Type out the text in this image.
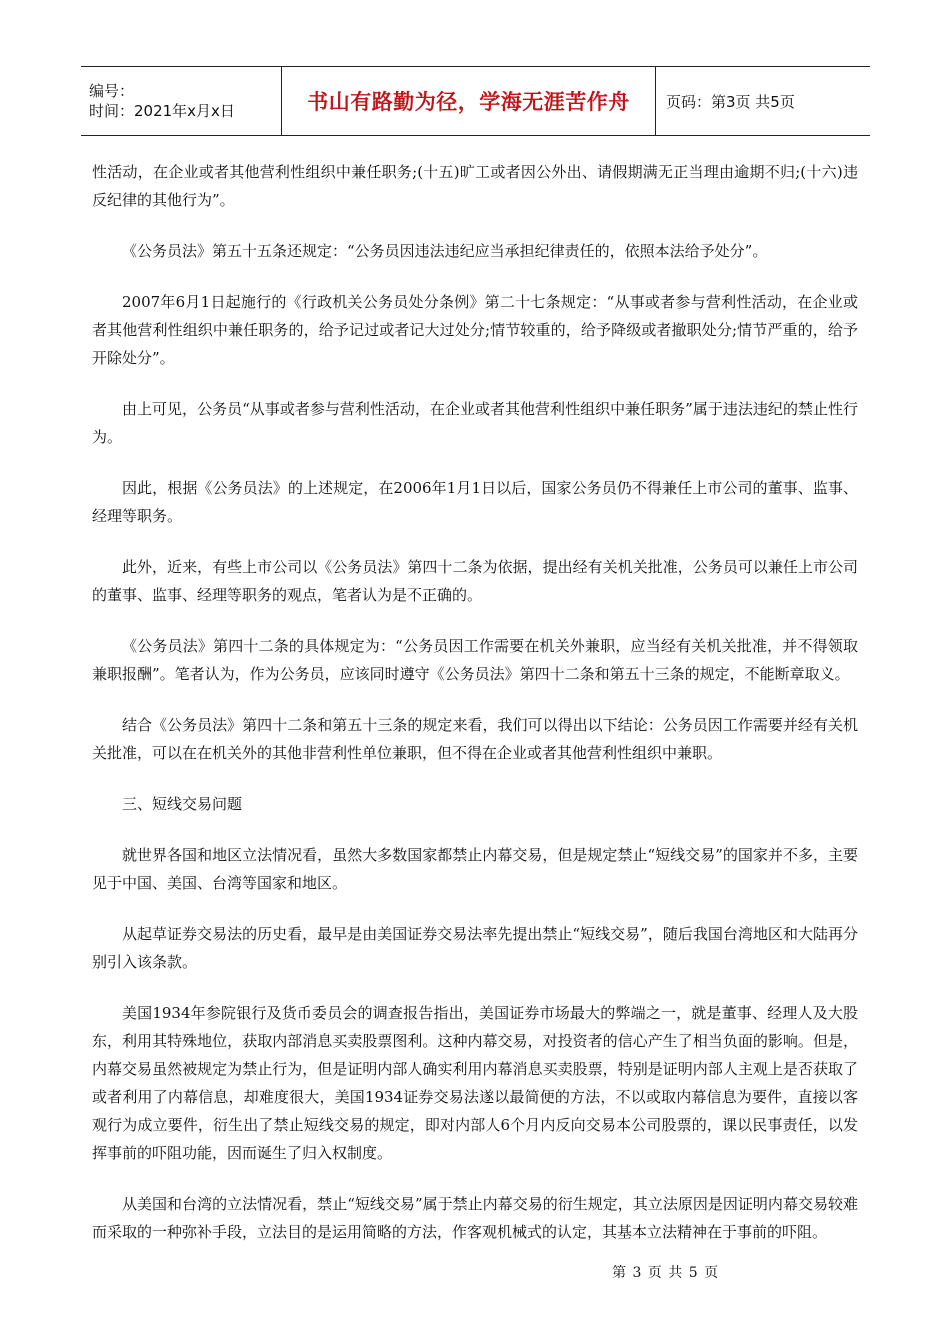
编号：
时间：2021年x月x日	书山有路勤为径，学海无涯苦作舟	页码：第3页 共5页

性活动，在企业或者其他营利性组织中兼任职务;(十五)旷工或者因公外出、请假期满无正当理由逾期不归;(十六)违反纪律的其他行为”。

《公务员法》第五十五条还规定：“公务员因违法违纪应当承担纪律责任的，依照本法给予处分”。

2007年6月1日起施行的《行政机关公务员处分条例》第二十七条规定：“从事或者参与营利性活动，在企业或者其他营利性组织中兼任职务的，给予记过或者记大过处分;情节较重的，给予降级或者撤职处分;情节严重的，给予开除处分”。

由上可见，公务员“从事或者参与营利性活动，在企业或者其他营利性组织中兼任职务”属于违法违纪的禁止性行为。

因此，根据《公务员法》的上述规定，在2006年1月1日以后，国家公务员仍不得兼任上市公司的董事、监事、经理等职务。

此外，近来，有些上市公司以《公务员法》第四十二条为依据，提出经有关机关批准，公务员可以兼任上市公司的董事、监事、经理等职务的观点，笔者认为是不正确的。

《公务员法》第四十二条的具体规定为：“公务员因工作需要在机关外兼职，应当经有关机关批准，并不得领取兼职报酬”。笔者认为，作为公务员，应该同时遵守《公务员法》第四十二条和第五十三条的规定，不能断章取义。

结合《公务员法》第四十二条和第五十三条的规定来看，我们可以得出以下结论：公务员因工作需要并经有关机关批准，可以在在机关外的其他非营利性单位兼职，但不得在企业或者其他营利性组织中兼职。

三、短线交易问题

就世界各国和地区立法情况看，虽然大多数国家都禁止内幕交易，但是规定禁止“短线交易”的国家并不多，主要见于中国、美国、台湾等国家和地区。

从起草证券交易法的历史看，最早是由美国证券交易法率先提出禁止“短线交易”，随后我国台湾地区和大陆再分别引入该条款。

美国1934年参院银行及货币委员会的调查报告指出，美国证券市场最大的弊端之一，就是董事、经理人及大股东，利用其特殊地位，获取内部消息买卖股票图利。这种内幕交易，对投资者的信心产生了相当负面的影响。但是，内幕交易虽然被规定为禁止行为，但是证明内部人确实利用内幕消息买卖股票，特别是证明内部人主观上是否获取了或者利用了内幕信息，却难度很大，美国1934证券交易法遂以最简便的方法，不以或取内幕信息为要件，直接以客观行为成立要件，衍生出了禁止短线交易的规定，即对内部人6个月内反向交易本公司股票的，课以民事责任，以发挥事前的吓阻功能，因而诞生了归入权制度。

从美国和台湾的立法情况看，禁止“短线交易”属于禁止内幕交易的衍生规定，其立法原因是因证明内幕交易较难而采取的一种弥补手段，立法目的是运用简略的方法，作客观机械式的认定，其基本立法精神在于事前的吓阻。

第 3 页 共 5 页
